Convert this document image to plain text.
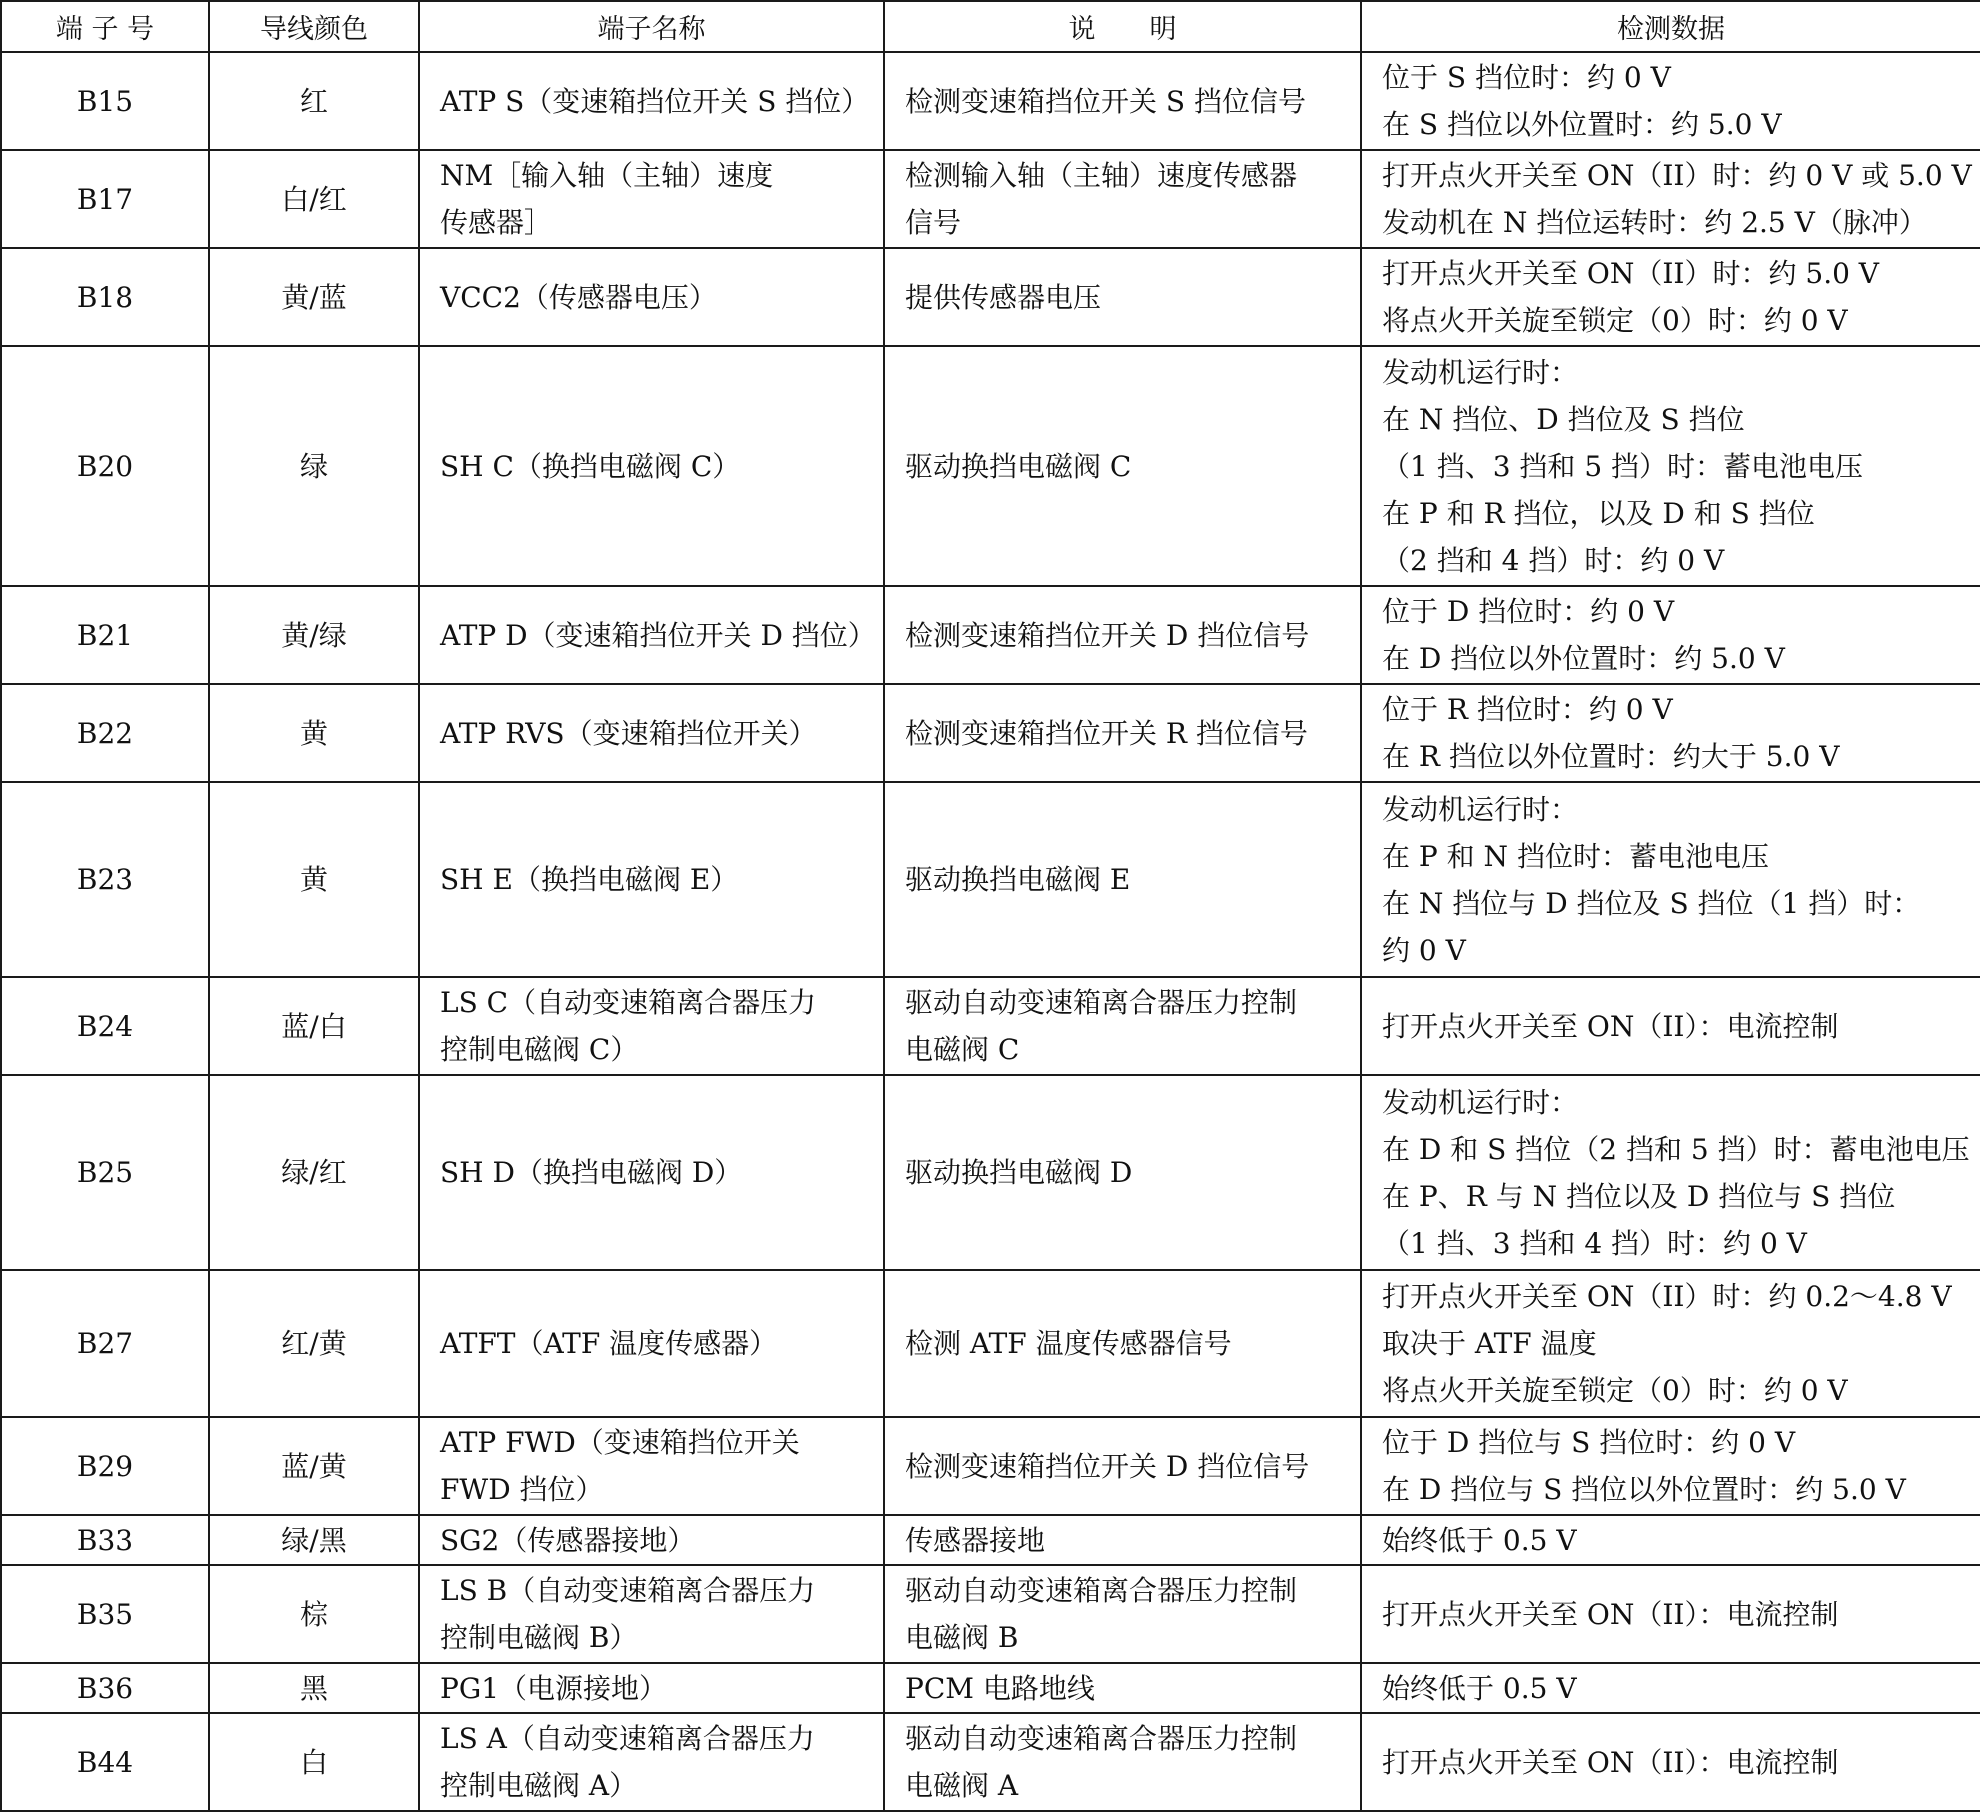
端 子 号	导线颜色	端子名称	说　　明	检测数据
B15	红	ATP S（变速箱挡位开关 S 挡位）	检测变速箱挡位开关 S 挡位信号	位于 S 挡位时：约 0 V
在 S 挡位以外位置时：约 5.0 V

B17	白/红	NM［输入轴（主轴）速度
传感器］	检测输入轴（主轴）速度传感器
信号	打开点火开关至 ON（II）时：约 0 V 或 5.0 V
发动机在 N 挡位运转时：约 2.5 V（脉冲）

B18	黄/蓝	VCC2（传感器电压）	提供传感器电压	打开点火开关至 ON（II）时：约 5.0 V
将点火开关旋至锁定（0）时：约 0 V

B20	绿	SH C（换挡电磁阀 C）	驱动换挡电磁阀 C	发动机运行时：
在 N 挡位、D 挡位及 S 挡位
（1 挡、3 挡和 5 挡）时：蓄电池电压
在 P 和 R 挡位，以及 D 和 S 挡位
（2 挡和 4 挡）时：约 0 V

B21	黄/绿	ATP D（变速箱挡位开关 D 挡位）	检测变速箱挡位开关 D 挡位信号	位于 D 挡位时：约 0 V
在 D 挡位以外位置时：约 5.0 V

B22	黄	ATP RVS（变速箱挡位开关）	检测变速箱挡位开关 R 挡位信号	位于 R 挡位时：约 0 V
在 R 挡位以外位置时：约大于 5.0 V

B23	黄	SH E（换挡电磁阀 E）	驱动换挡电磁阀 E	发动机运行时：
在 P 和 N 挡位时：蓄电池电压
在 N 挡位与 D 挡位及 S 挡位（1 挡）时：
约 0 V

B24	蓝/白	LS C（自动变速箱离合器压力
控制电磁阀 C）	驱动自动变速箱离合器压力控制
电磁阀 C	打开点火开关至 ON（II）：电流控制

B25	绿/红	SH D（换挡电磁阀 D）	驱动换挡电磁阀 D	发动机运行时：
在 D 和 S 挡位（2 挡和 5 挡）时：蓄电池电压
在 P、R 与 N 挡位以及 D 挡位与 S 挡位
（1 挡、3 挡和 4 挡）时：约 0 V

B27	红/黄	ATFT（ATF 温度传感器）	检测 ATF 温度传感器信号	打开点火开关至 ON（II）时：约 0.2～4.8 V
取决于 ATF 温度
将点火开关旋至锁定（0）时：约 0 V

B29	蓝/黄	ATP FWD（变速箱挡位开关
FWD 挡位）	检测变速箱挡位开关 D 挡位信号	位于 D 挡位与 S 挡位时：约 0 V
在 D 挡位与 S 挡位以外位置时：约 5.0 V

B33	绿/黑	SG2（传感器接地）	传感器接地	始终低于 0.5 V

B35	棕	LS B（自动变速箱离合器压力
控制电磁阀 B）	驱动自动变速箱离合器压力控制
电磁阀 B	打开点火开关至 ON（II）：电流控制

B36	黑	PG1（电源接地）	PCM 电路地线	始终低于 0.5 V

B44	白	LS A（自动变速箱离合器压力
控制电磁阀 A）	驱动自动变速箱离合器压力控制
电磁阀 A	打开点火开关至 ON（II）：电流控制
